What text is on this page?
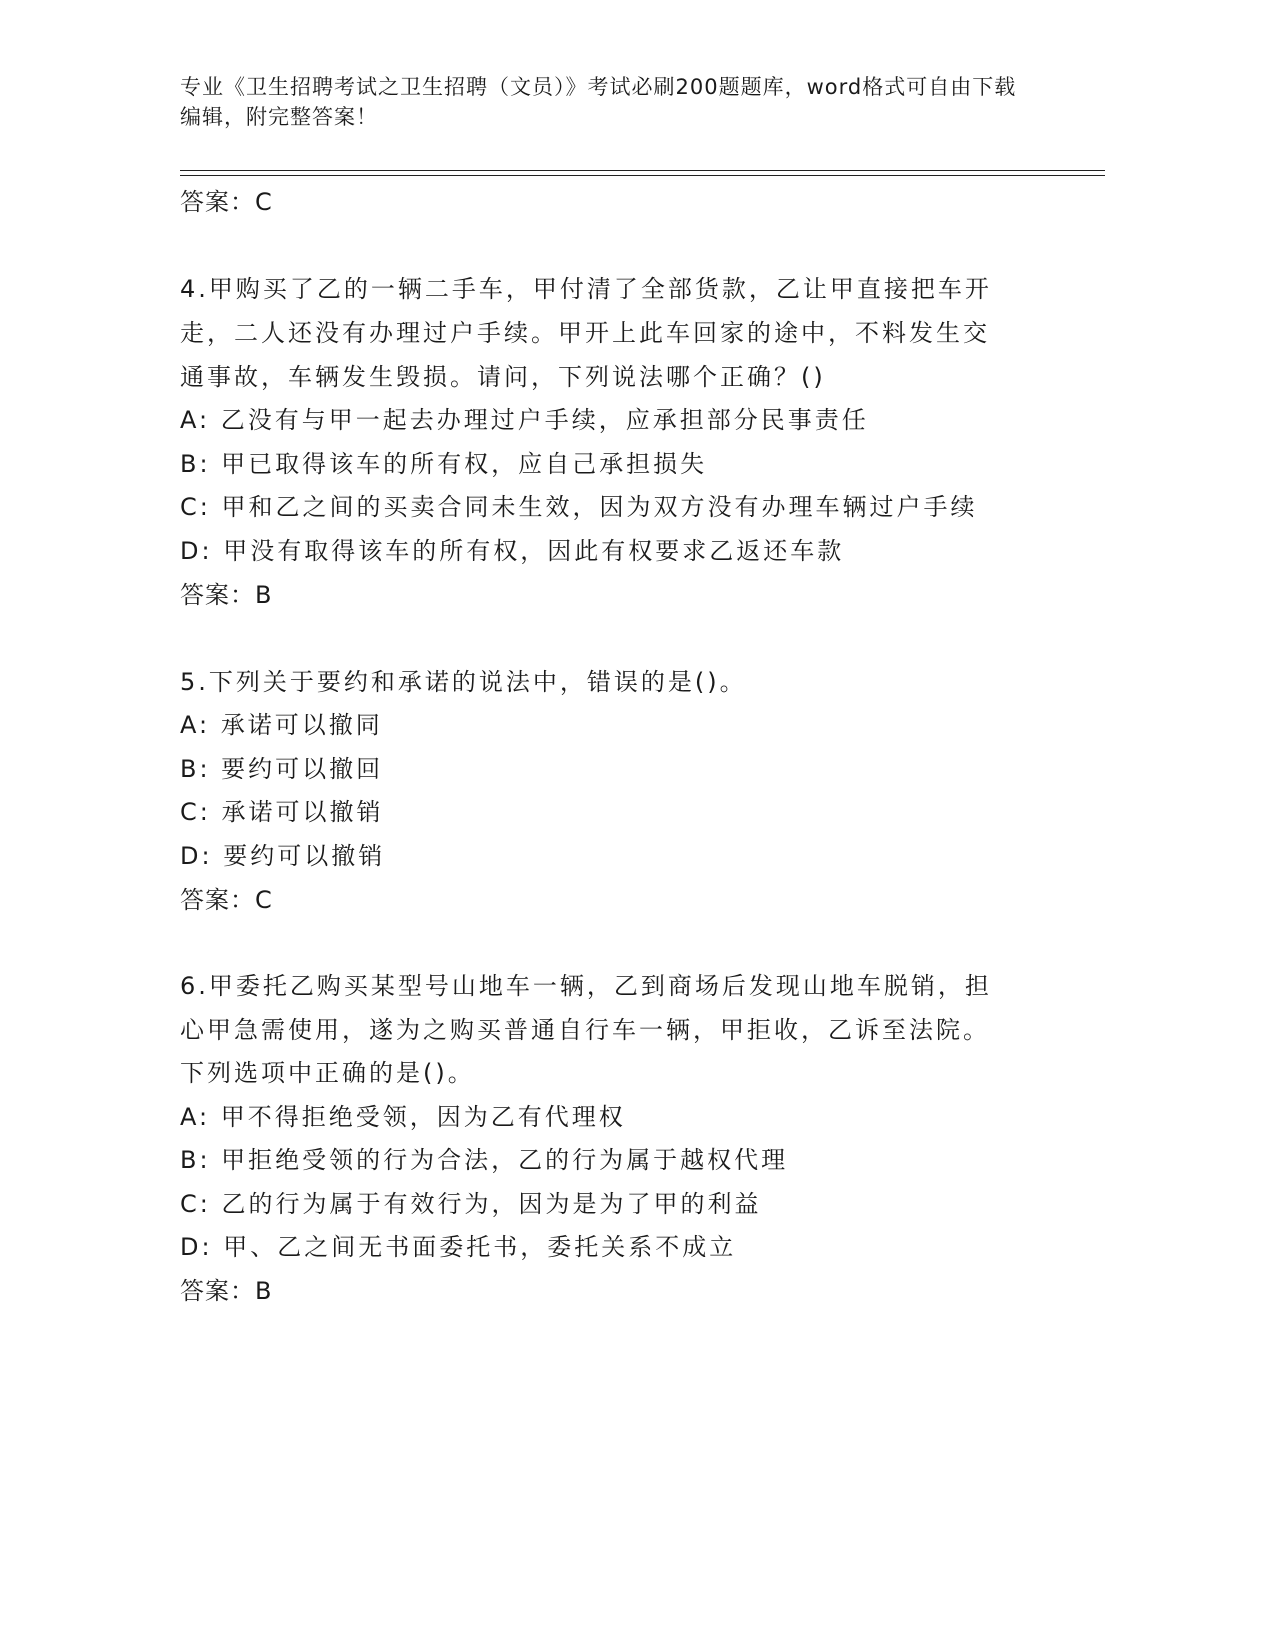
专业《卫生招聘考试之卫生招聘（文员）》考试必刷200题题库，word格式可自由下载编辑，附完整答案！
答案：C
4.甲购买了乙的一辆二手车，甲付清了全部货款，乙让甲直接把车开
走，二人还没有办理过户手续。甲开上此车回家的途中，不料发生交
通事故，车辆发生毁损。请问，下列说法哪个正确？()
A: 乙没有与甲一起去办理过户手续，应承担部分民事责任
B: 甲已取得该车的所有权，应自己承担损失
C: 甲和乙之间的买卖合同未生效，因为双方没有办理车辆过户手续
D: 甲没有取得该车的所有权，因此有权要求乙返还车款
答案：B
5.下列关于要约和承诺的说法中，错误的是()。
A: 承诺可以撤同
B: 要约可以撤回
C: 承诺可以撤销
D: 要约可以撤销
答案：C
6.甲委托乙购买某型号山地车一辆，乙到商场后发现山地车脱销，担
心甲急需使用，遂为之购买普通自行车一辆，甲拒收，乙诉至法院。
下列选项中正确的是()。
A: 甲不得拒绝受领，因为乙有代理权
B: 甲拒绝受领的行为合法，乙的行为属于越权代理
C: 乙的行为属于有效行为，因为是为了甲的利益
D: 甲、乙之间无书面委托书，委托关系不成立
答案：B
